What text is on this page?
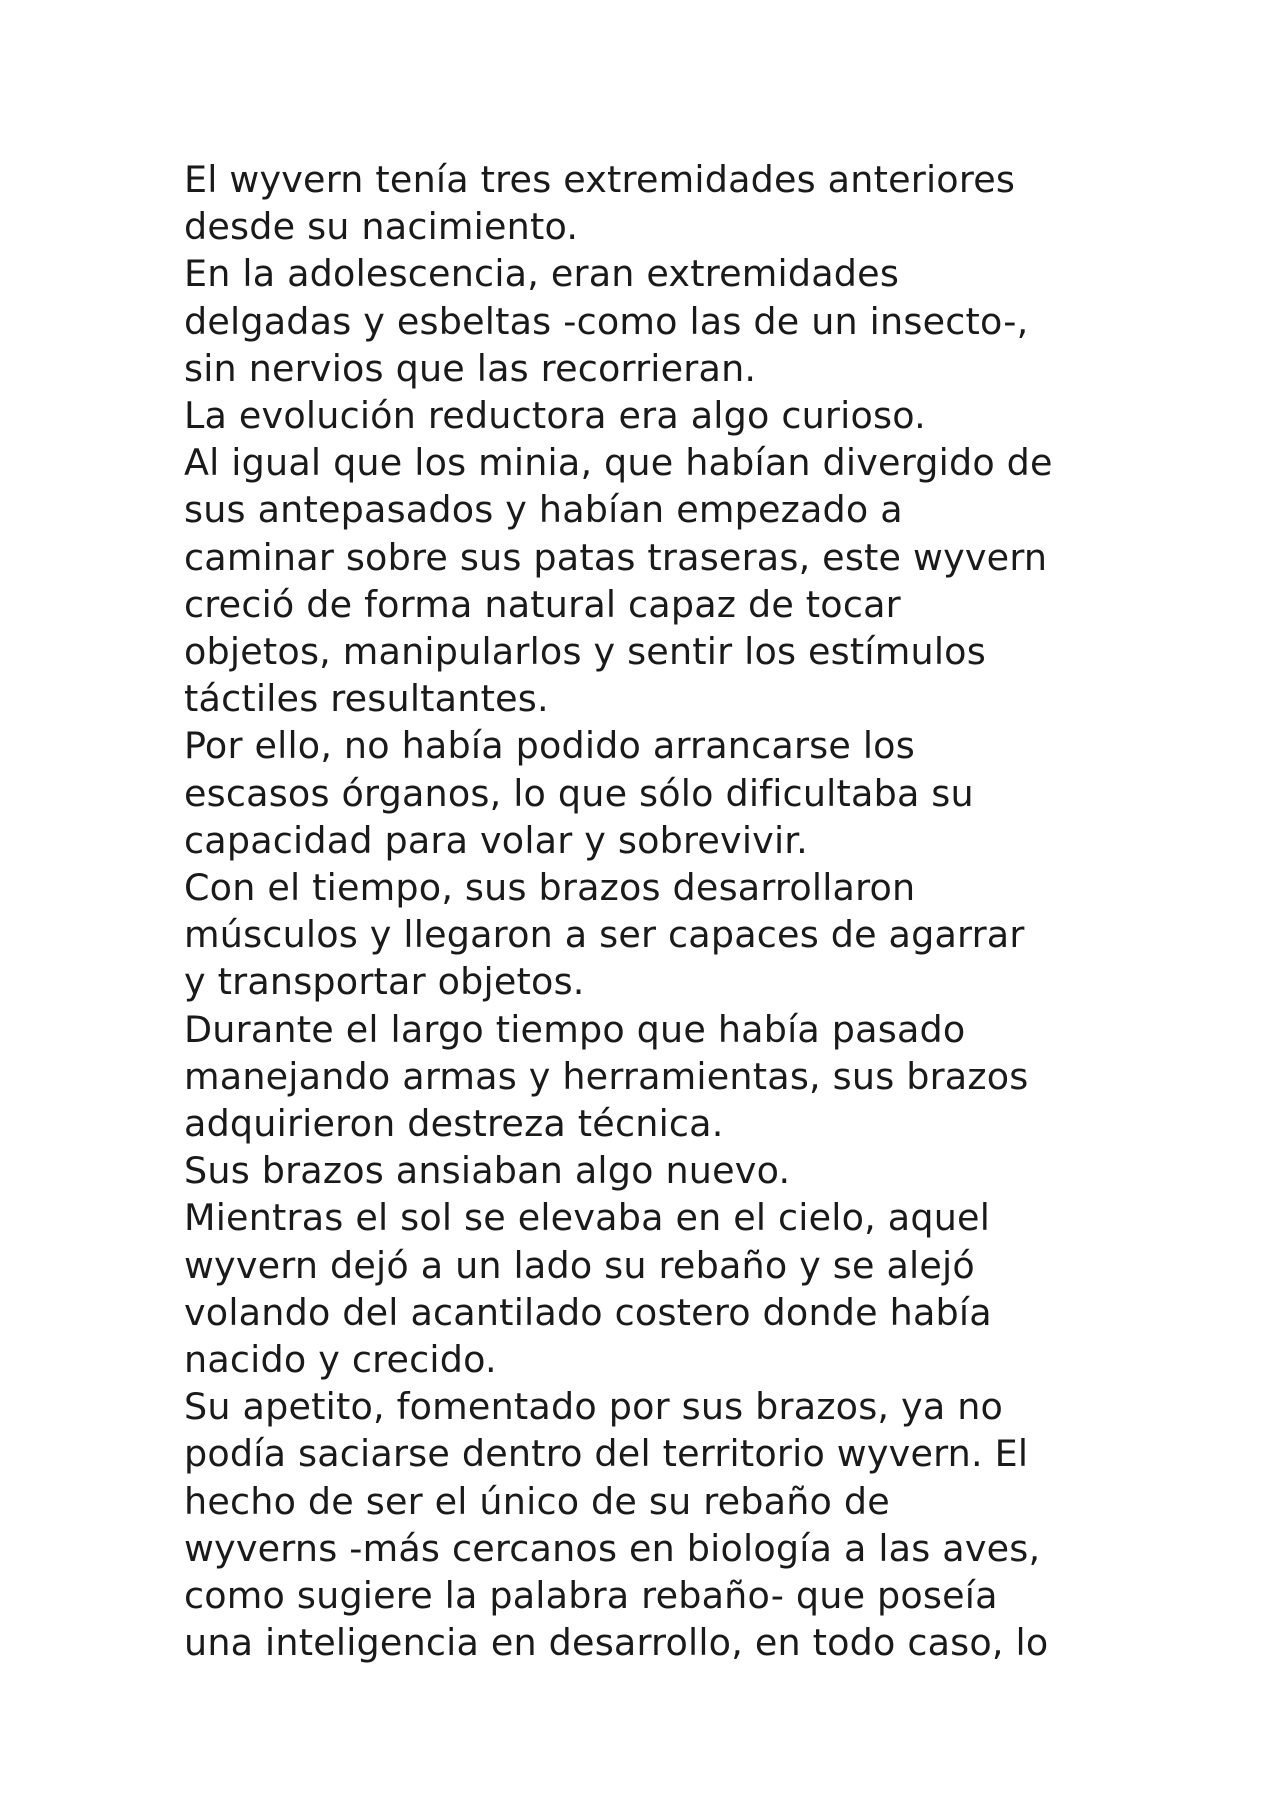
El wyvern tenía tres extremidades anteriores
desde su nacimiento.
En la adolescencia, eran extremidades
delgadas y esbeltas -como las de un insecto-,
sin nervios que las recorrieran.
La evolución reductora era algo curioso.
Al igual que los minia, que habían divergido de
sus antepasados y habían empezado a
caminar sobre sus patas traseras, este wyvern
creció de forma natural capaz de tocar
objetos, manipularlos y sentir los estímulos
táctiles resultantes.
Por ello, no había podido arrancarse los
escasos órganos, lo que sólo dificultaba su
capacidad para volar y sobrevivir.
Con el tiempo, sus brazos desarrollaron
músculos y llegaron a ser capaces de agarrar
y transportar objetos.
Durante el largo tiempo que había pasado
manejando armas y herramientas, sus brazos
adquirieron destreza técnica.
Sus brazos ansiaban algo nuevo.
Mientras el sol se elevaba en el cielo, aquel
wyvern dejó a un lado su rebaño y se alejó
volando del acantilado costero donde había
nacido y crecido.
Su apetito, fomentado por sus brazos, ya no
podía saciarse dentro del territorio wyvern. El
hecho de ser el único de su rebaño de
wyverns -más cercanos en biología a las aves,
como sugiere la palabra rebaño- que poseía
una inteligencia en desarrollo, en todo caso, lo
